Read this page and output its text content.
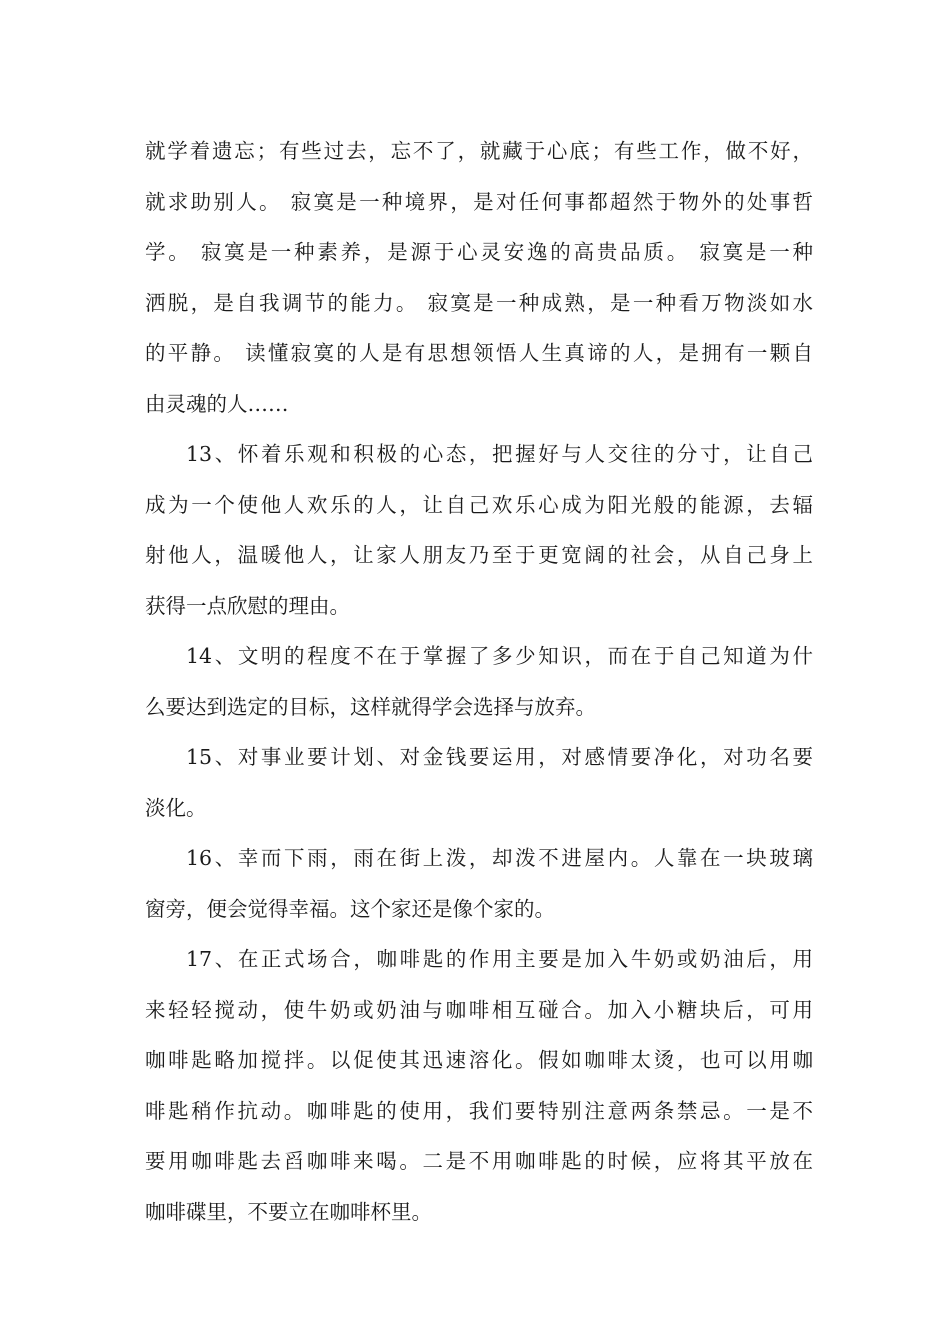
就学着遗忘；有些过去，忘不了，就藏于心底；有些工作，做不好，
就求助别人。 寂寞是一种境界，是对任何事都超然于物外的处事哲
学。 寂寞是一种素养，是源于心灵安逸的高贵品质。 寂寞是一种
洒脱，是自我调节的能力。 寂寞是一种成熟，是一种看万物淡如水
的平静。 读懂寂寞的人是有思想领悟人生真谛的人，是拥有一颗自
由灵魂的人……
13、怀着乐观和积极的心态，把握好与人交往的分寸，让自己
成为一个使他人欢乐的人，让自己欢乐心成为阳光般的能源，去辐
射他人，温暖他人，让家人朋友乃至于更宽阔的社会，从自己身上
获得一点欣慰的理由。
14、文明的程度不在于掌握了多少知识，而在于自己知道为什
么要达到选定的目标，这样就得学会选择与放弃。
15、对事业要计划、对金钱要运用，对感情要净化，对功名要
淡化。
16、幸而下雨，雨在街上泼，却泼不进屋内。人靠在一块玻璃
窗旁，便会觉得幸福。这个家还是像个家的。
17、在正式场合，咖啡匙的作用主要是加入牛奶或奶油后，用
来轻轻搅动，使牛奶或奶油与咖啡相互碰合。加入小糖块后，可用
咖啡匙略加搅拌。以促使其迅速溶化。假如咖啡太烫，也可以用咖
啡匙稍作抗动。咖啡匙的使用，我们要特别注意两条禁忌。一是不
要用咖啡匙去舀咖啡来喝。二是不用咖啡匙的时候，应将其平放在
咖啡碟里，不要立在咖啡杯里。
